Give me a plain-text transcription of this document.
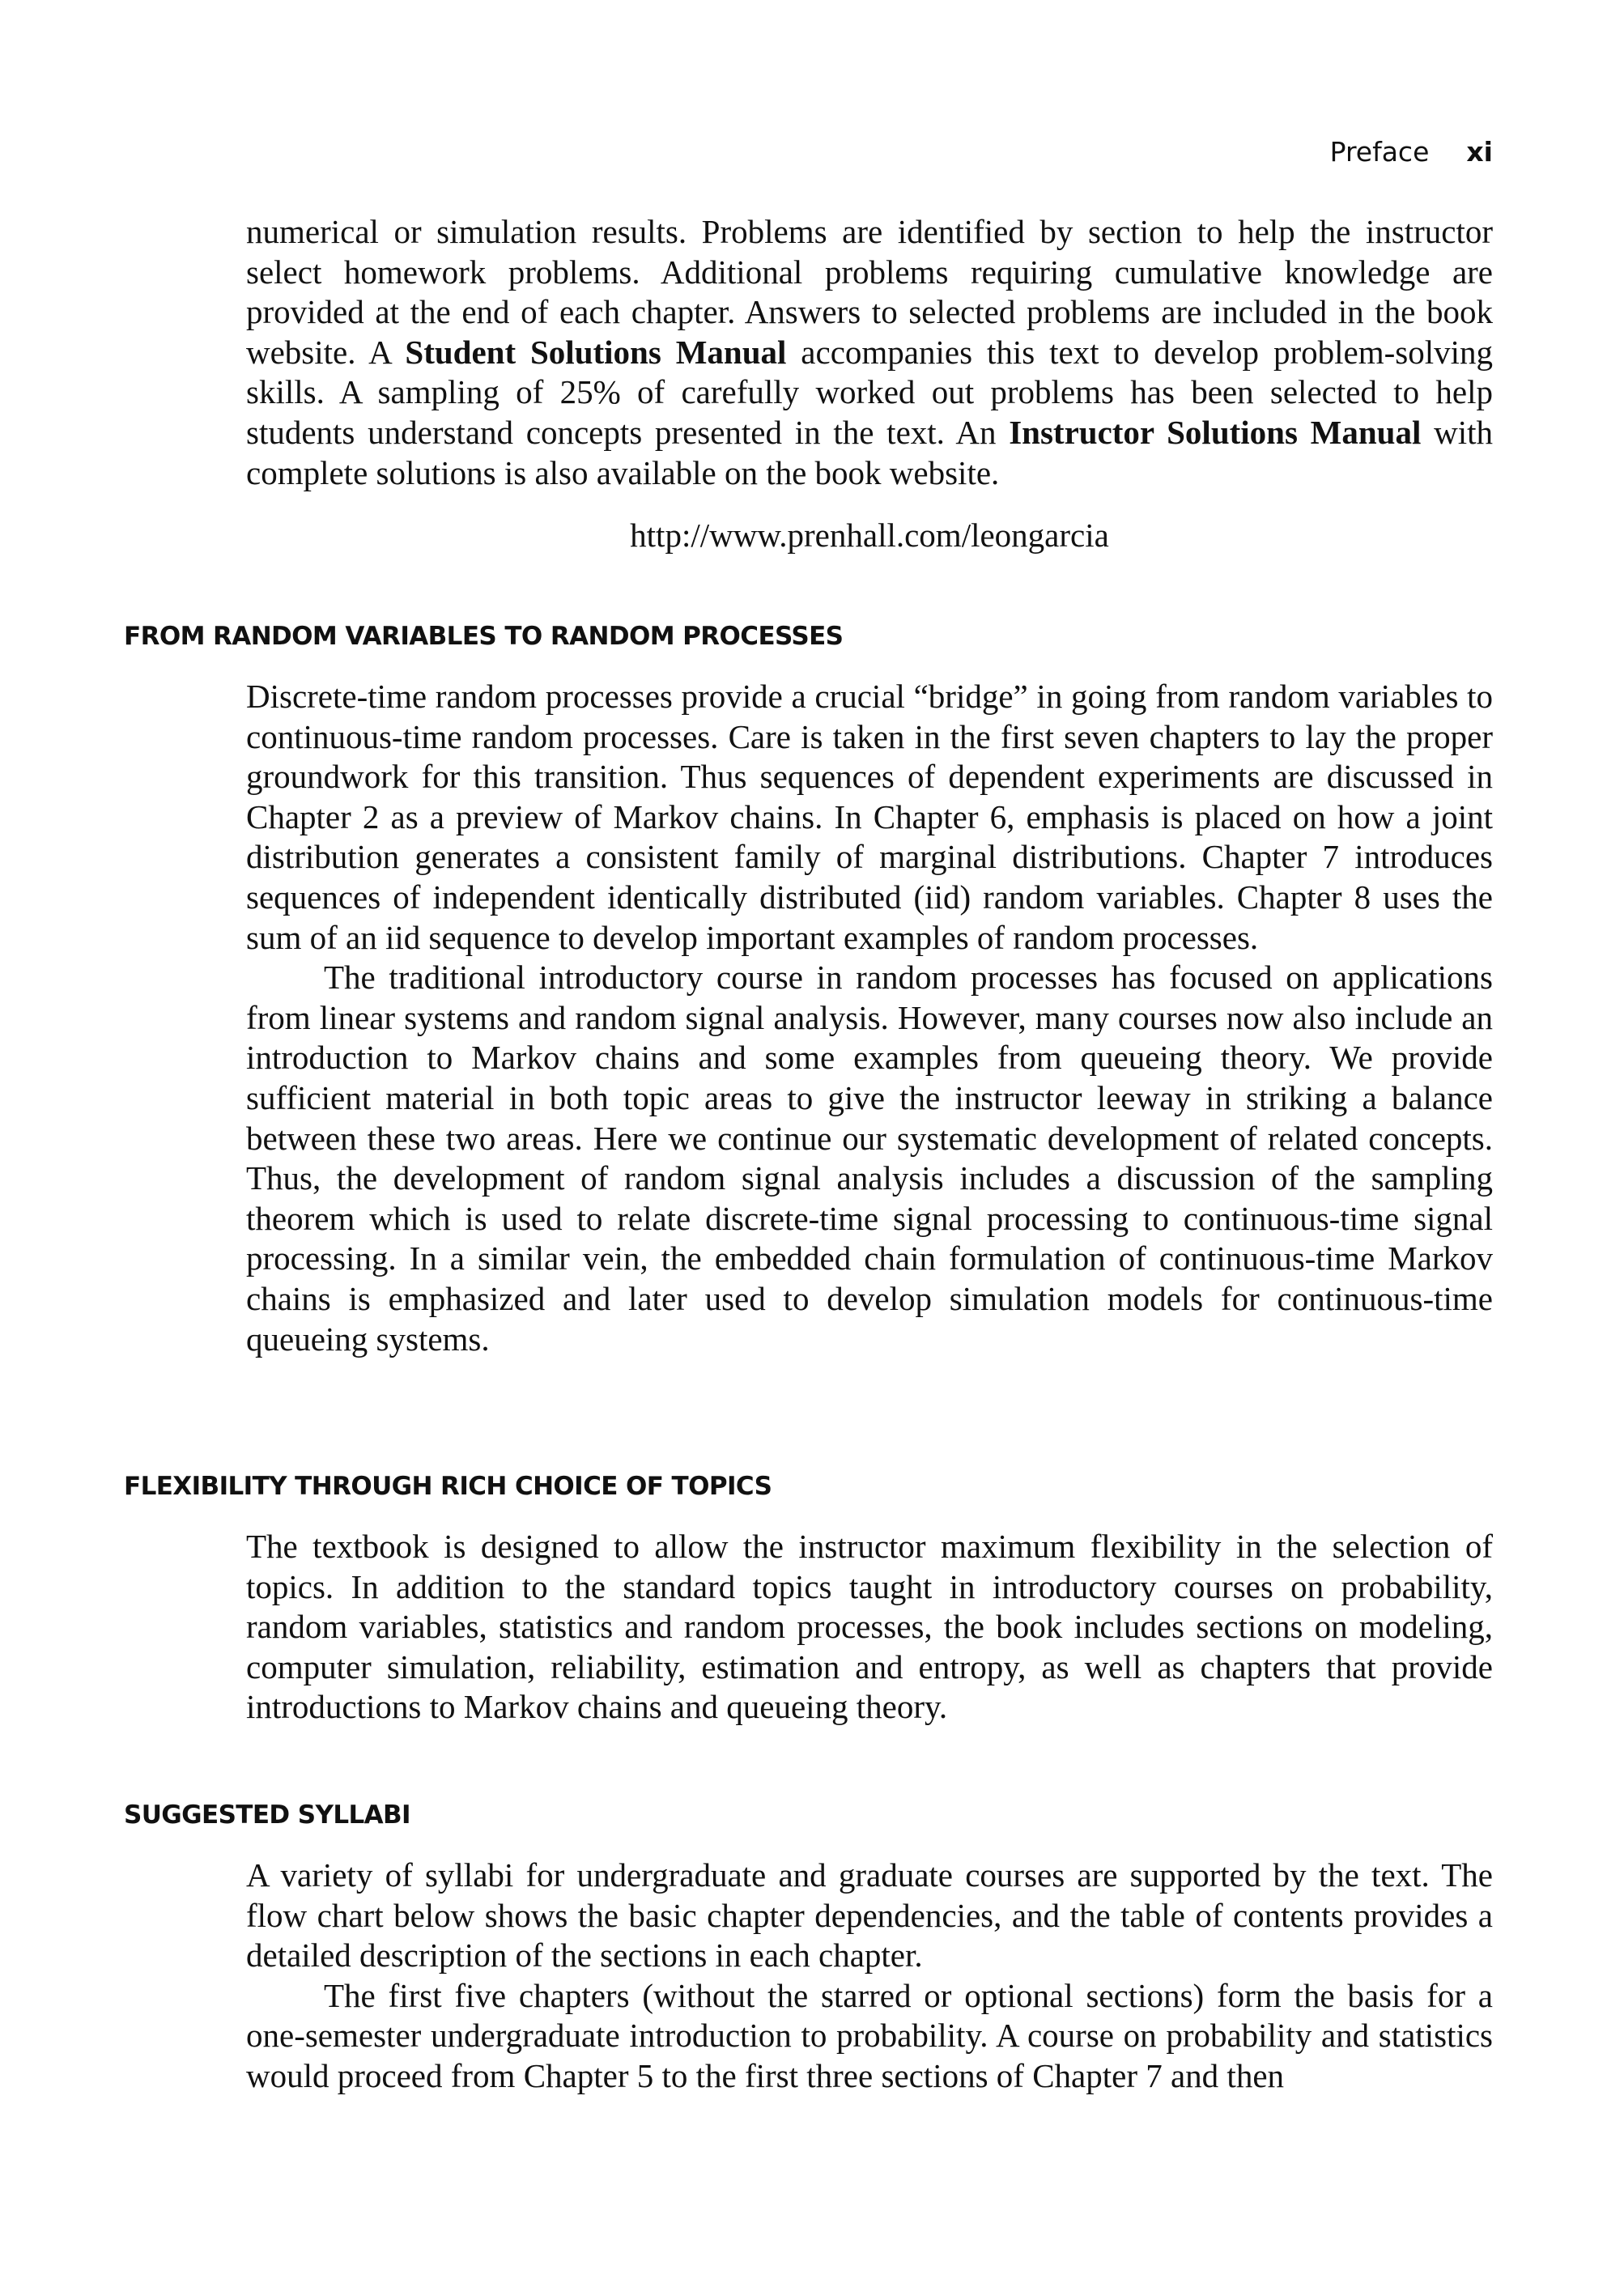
Preface xi

numerical or simulation results. Problems are identified by section to help the instructor select homework problems. Additional problems requiring cumulative knowledge are provided at the end of each chapter. Answers to selected problems are included in the book website. A Student Solutions Manual accompanies this text to develop problem-solving skills. A sampling of 25% of carefully worked out problems has been selected to help students understand concepts presented in the text. An Instructor Solutions Manual with complete solutions is also available on the book website.

http://www.prenhall.com/leongarcia
FROM RANDOM VARIABLES TO RANDOM PROCESSES

Discrete-time random processes provide a crucial “bridge” in going from random variables to continuous-time random processes. Care is taken in the first seven chapters to lay the proper groundwork for this transition. Thus sequences of dependent experiments are discussed in Chapter 2 as a preview of Markov chains. In Chapter 6, emphasis is placed on how a joint distribution generates a consistent family of marginal distributions. Chapter 7 introduces sequences of independent identically distributed (iid) random variables. Chapter 8 uses the sum of an iid sequence to develop important examples of random processes.

The traditional introductory course in random processes has focused on applications from linear systems and random signal analysis. However, many courses now also include an introduction to Markov chains and some examples from queueing theory. We provide sufficient material in both topic areas to give the instructor leeway in striking a balance between these two areas. Here we continue our systematic development of related concepts. Thus, the development of random signal analysis includes a discussion of the sampling theorem which is used to relate discrete-time signal processing to continuous-time signal processing. In a similar vein, the embedded chain formulation of continuous-time Markov chains is emphasized and later used to develop simulation models for continuous-time queueing systems.

FLEXIBILITY THROUGH RICH CHOICE OF TOPICS

The textbook is designed to allow the instructor maximum flexibility in the selection of topics. In addition to the standard topics taught in introductory courses on probability, random variables, statistics and random processes, the book includes sections on modeling, computer simulation, reliability, estimation and entropy, as well as chapters that provide introductions to Markov chains and queueing theory.

SUGGESTED SYLLABI

A variety of syllabi for undergraduate and graduate courses are supported by the text. The flow chart below shows the basic chapter dependencies, and the table of contents provides a detailed description of the sections in each chapter.

The first five chapters (without the starred or optional sections) form the basis for a one-semester undergraduate introduction to probability. A course on probability and statistics would proceed from Chapter 5 to the first three sections of Chapter 7 and then
